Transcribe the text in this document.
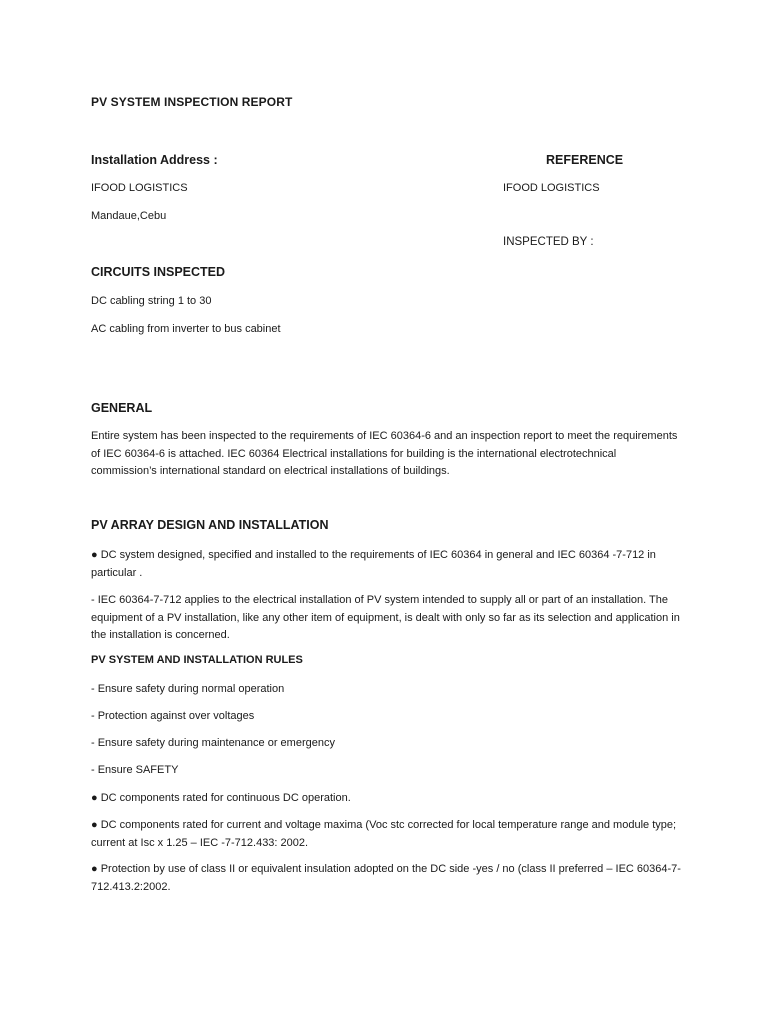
PV SYSTEM INSPECTION REPORT
Installation Address :	REFERENCE
IFOOD LOGISTICS	IFOOD LOGISTICS
Mandaue,Cebu
INSPECTED BY :
CIRCUITS INSPECTED
DC cabling string 1 to 30
AC cabling from inverter to bus cabinet
GENERAL

Entire system has been inspected to the requirements of IEC 60364-6 and an inspection report to meet the requirements of IEC 60364-6 is attached. IEC 60364 Electrical installations for building is the international electrotechnical commission’s international standard on electrical installations of buildings.

PV ARRAY DESIGN AND INSTALLATION

● DC system designed, specified and installed to the requirements of IEC 60364 in general and IEC 60364 -7-712 in particular .

- IEC 60364-7-712 applies to the electrical installation of PV system intended to supply all or part of an installation. The equipment of a PV installation, like any other item of equipment, is dealt with only so far as its selection and application in the installation is concerned.

PV SYSTEM AND INSTALLATION RULES
- Ensure safety during normal operation
- Protection against over voltages
- Ensure safety during maintenance or emergency
- Ensure SAFETY

● DC components rated for continuous DC operation.

● DC components rated for current and voltage maxima (Voc stc corrected for local temperature range and module type; current at Isc x 1.25 – IEC -7-712.433: 2002.

● Protection by use of class II or equivalent insulation adopted on the DC side -yes / no (class II preferred – IEC 60364-7-712.413.2:2002.
